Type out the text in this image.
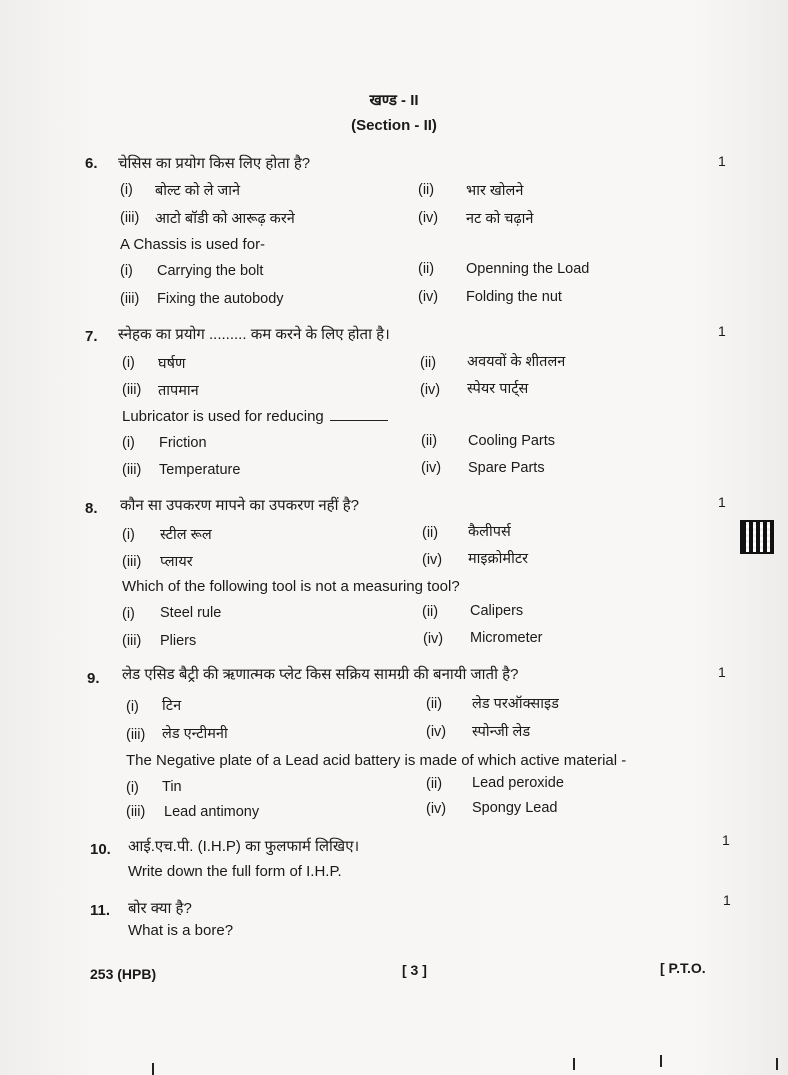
खण्ड - II
(Section - II)
6. चेसिस का प्रयोग किस लिए होता है?	1
(i) बोल्ट को ले जाने	(ii) भार खोलने
(iii) आटो बॉडी को आरूढ़ करने	(iv) नट को चढ़ाने
A Chassis is used for-
(i) Carrying the bolt	(ii) Openning the Load
(iii) Fixing the autobody	(iv) Folding the nut
7. स्नेहक का प्रयोग ......... कम करने के लिए होता है।	1
(i) घर्षण	(ii) अवयवों के शीतलन
(iii) तापमान	(iv) स्पेयर पार्ट्स
Lubricator is used for reducing
(i) Friction	(ii) Cooling Parts
(iii) Temperature	(iv) Spare Parts
8. कौन सा उपकरण मापने का उपकरण नहीं है?	1
(i) स्टील रूल	(ii) कैलीपर्स
(iii) प्लायर	(iv) माइक्रोमीटर
Which of the following tool is not a measuring tool?
(i) Steel rule	(ii) Calipers
(iii) Pliers	(iv) Micrometer
9. लेड एसिड बैट्री की ऋणात्मक प्लेट किस सक्रिय सामग्री की बनायी जाती है?	1
(i) टिन	(ii) लेड परऑक्साइड
(iii) लेड एन्टीमनी	(iv) स्पोन्जी लेड
The Negative plate of a Lead acid battery is made of which active material -
(i) Tin	(ii) Lead peroxide
(iii) Lead antimony	(iv) Spongy Lead
10. आई.एच.पी. (I.H.P) का फुलफार्म लिखिए।	1
Write down the full form of I.H.P.
11. बोर क्या है?	1
What is a bore?
253 (HPB)	[ 3 ]	[ P.T.O.
